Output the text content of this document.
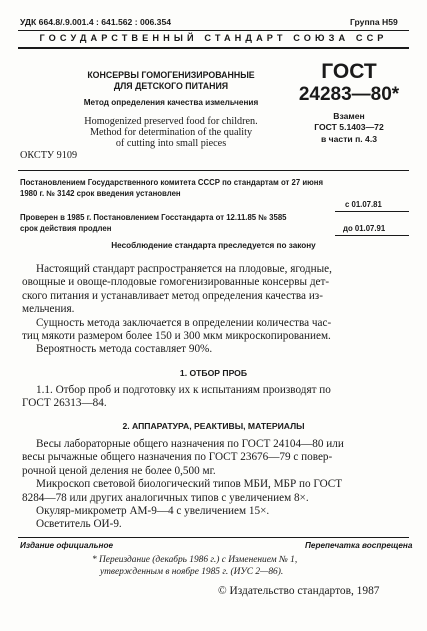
УДК 664.8/.9.001.4 : 641.562 : 006.354	Группа Н59
ГОСУДАРСТВЕННЫЙ СТАНДАРТ СОЮЗА ССР
КОНСЕРВЫ ГОМОГЕНИЗИРОВАННЫЕ
ДЛЯ ДЕТСКОГО ПИТАНИЯ
Метод определения качества измельчения
Homogenized preserved food for children.
Method for determination of the quality
of cutting into small pieces
ОКСТУ 9109
ГОСТ
24283—80*
Взамен
ГОСТ 5.1403—72
в части п. 4.3
Постановлением Государственного комитета СССР по стандартам от 27 июня
1980 г. № 3142 срок введения установлен
с 01.07.81
Проверен в 1985 г. Постановлением Госстандарта от 12.11.85 № 3585
срок действия продлен	до 01.07.91
Несоблюдение стандарта преследуется по закону

Настоящий стандарт распространяется на плодовые, ягодные,

овощные и овоще-плодовые гомогенизированные консервы дет-

ского питания и устанавливает метод определения качества из-

мельчения.

Сущность метода заключается в определении количества час-

тиц мякоти размером более 150 и 300 мкм микроскопированием.

Вероятность метода составляет 90%.

1. ОТБОР ПРОБ

1.1. Отбор проб и подготовку их к испытаниям производят по

ГОСТ 26313—84.

2. АППАРАТУРА, РЕАКТИВЫ, МАТЕРИАЛЫ

Весы лабораторные общего назначения по ГОСТ 24104—80 или

весы рычажные общего назначения по ГОСТ 23676—79 с повер-

рочной ценой деления не более 0,500 мг.

Микроскоп световой биологический типов МБИ, МБР по ГОСТ

8284—78 или других аналогичных типов с увеличением 8×.

Окуляр-микрометр АМ-9—4 с увеличением 15×.

Осветитель ОИ-9.

Издание официальное	Перепечатка воспрещена
* Переиздание (декабрь 1986 г.) с Изменением № 1,
утвержденным в ноябре 1985 г. (ИУС 2—86).
© Издательство стандартов, 1987
